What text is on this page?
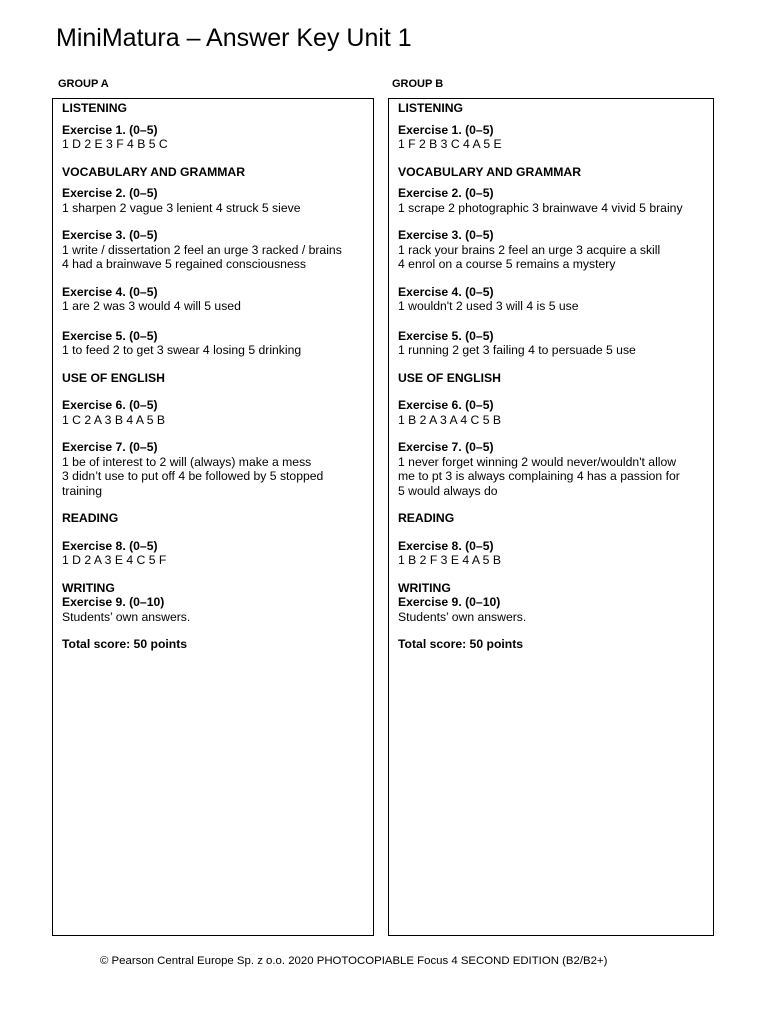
MiniMatura – Answer Key Unit 1
GROUP A	GROUP B

LISTENING

Exercise 1. (0–5)

1 D 2 E 3 F 4 B 5 C

VOCABULARY AND GRAMMAR

Exercise 2. (0–5)

1 sharpen 2 vague 3 lenient 4 struck 5 sieve

Exercise 3. (0–5)

1 write / dissertation 2 feel an urge 3 racked / brains
4 had a brainwave 5 regained consciousness

Exercise 4. (0–5)

1 are 2 was 3 would 4 will 5 used

Exercise 5. (0–5)

1 to feed 2 to get 3 swear 4 losing 5 drinking

USE OF ENGLISH

Exercise 6. (0–5)

1 C 2 A 3 B 4 A 5 B

Exercise 7. (0–5)

1 be of interest to 2 will (always) make a mess
3 didn’t use to put off 4 be followed by 5 stopped
training

READING

Exercise 8. (0–5)

1 D 2 A 3 E 4 C 5 F

WRITING

Exercise 9. (0–10)

Students’ own answers.

Total score: 50 points

LISTENING

Exercise 1. (0–5)

1 F 2 B 3 C 4 A 5 E

VOCABULARY AND GRAMMAR

Exercise 2. (0–5)

1 scrape 2 photographic 3 brainwave 4 vivid 5 brainy

Exercise 3. (0–5)

1 rack your brains 2 feel an urge 3 acquire a skill
4 enrol on a course 5 remains a mystery

Exercise 4. (0–5)

1 wouldn't 2 used 3 will 4 is 5 use

Exercise 5. (0–5)

1 running 2 get 3 failing 4 to persuade 5 use

USE OF ENGLISH

Exercise 6. (0–5)

1 B 2 A 3 A 4 C 5 B

Exercise 7. (0–5)

1 never forget winning 2 would never/wouldn't allow
me to pt 3 is always complaining 4 has a passion for
5 would always do

READING

Exercise 8. (0–5)

1 B 2 F 3 E 4 A 5 B

WRITING

Exercise 9. (0–10)

Students’ own answers.

Total score: 50 points

© Pearson Central Europe Sp. z o.o. 2020 PHOTOCOPIABLE Focus 4 SECOND EDITION (B2/B2+)
